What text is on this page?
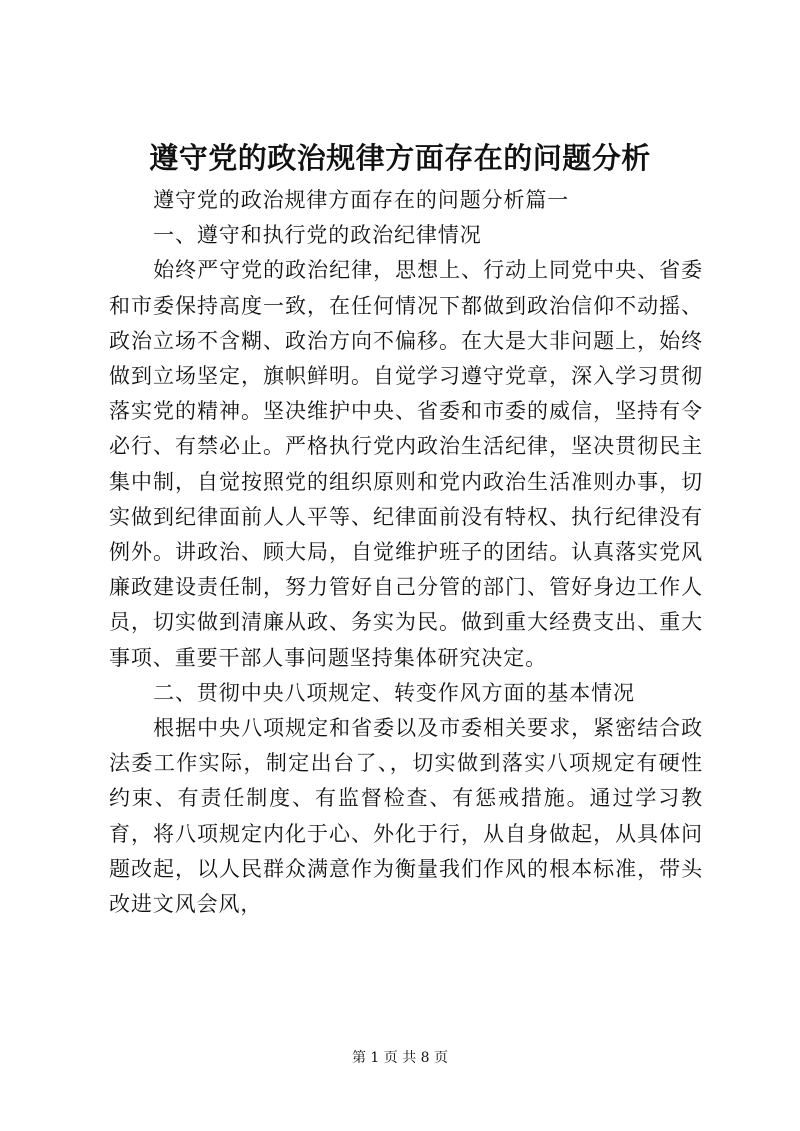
遵守党的政治规律方面存在的问题分析

遵守党的政治规律方面存在的问题分析篇一

一、遵守和执行党的政治纪律情况

始终严守党的政治纪律，思想上、行动上同党中央、省委和市委保持高度一致，在任何情况下都做到政治信仰不动摇、政治立场不含糊、政治方向不偏移。在大是大非问题上，始终做到立场坚定，旗帜鲜明。自觉学习遵守党章，深入学习贯彻落实党的精神。坚决维护中央、省委和市委的威信，坚持有令必行、有禁必止。严格执行党内政治生活纪律，坚决贯彻民主集中制，自觉按照党的组织原则和党内政治生活准则办事，切实做到纪律面前人人平等、纪律面前没有特权、执行纪律没有例外。讲政治、顾大局，自觉维护班子的团结。认真落实党风廉政建设责任制，努力管好自己分管的部门、管好身边工作人员，切实做到清廉从政、务实为民。做到重大经费支出、重大事项、重要干部人事问题坚持集体研究决定。

二、贯彻中央八项规定、转变作风方面的基本情况

根据中央八项规定和省委以及市委相关要求，紧密结合政法委工作实际，制定出台了、，切实做到落实八项规定有硬性约束、有责任制度、有监督检查、有惩戒措施。通过学习教育，将八项规定内化于心、外化于行，从自身做起，从具体问题改起，以人民群众满意作为衡量我们作风的根本标准，带头改进文风会风，

第 1 页 共 8 页
